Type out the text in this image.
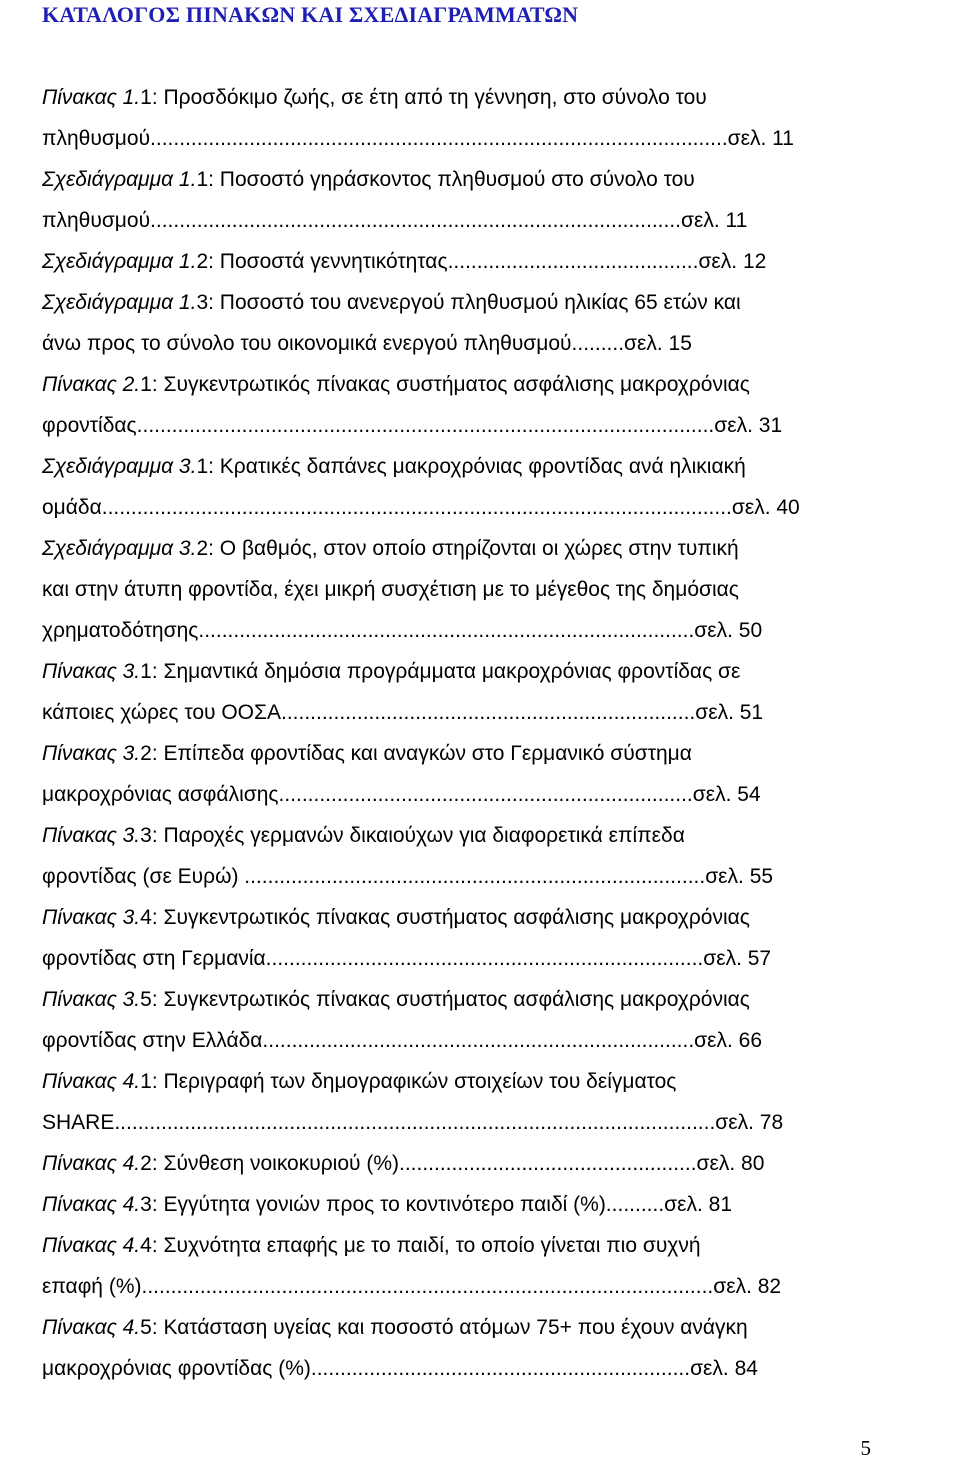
ΚΑΤΑΛΟΓΟΣ ΠΙΝΑΚΩΝ ΚΑΙ ΣΧΕΔΙΑΓΡΑΜΜΑΤΩΝ
Πίνακας 1.1: Προσδόκιμο ζωής, σε έτη από τη γέννηση, στο σύνολο του
πληθυσμού...................................................................................................σελ. 11
Σχεδιάγραμμα 1.1: Ποσοστό γηράσκοντος πληθυσμού στο σύνολο του
πληθυσμού...........................................................................................σελ. 11
Σχεδιάγραμμα 1.2: Ποσοστά γεννητικότητας...........................................σελ. 12
Σχεδιάγραμμα 1.3: Ποσοστό του ανενεργού πληθυσμού ηλικίας 65 ετών και
άνω προς το σύνολο του οικονομικά ενεργού πληθυσμού.........σελ. 15
Πίνακας 2.1: Συγκεντρωτικός πίνακας συστήματος ασφάλισης μακροχρόνιας
φροντίδας...................................................................................................σελ. 31
Σχεδιάγραμμα 3.1: Κρατικές δαπάνες μακροχρόνιας φροντίδας ανά ηλικιακή
ομάδα............................................................................................................σελ. 40
Σχεδιάγραμμα 3.2: Ο βαθμός, στον οποίο στηρίζονται οι χώρες στην τυπική
και στην άτυπη φροντίδα, έχει μικρή συσχέτιση με το μέγεθος της δημόσιας
χρηματοδότησης.....................................................................................σελ. 50
Πίνακας 3.1: Σημαντικά δημόσια προγράμματα μακροχρόνιας φροντίδας σε
κάποιες χώρες του ΟΟΣΑ.......................................................................σελ. 51
Πίνακας 3.2: Επίπεδα φροντίδας και αναγκών στο Γερμανικό σύστημα
μακροχρόνιας ασφάλισης.......................................................................σελ. 54
Πίνακας 3.3: Παροχές γερμανών δικαιούχων για διαφορετικά επίπεδα
φροντίδας (σε Ευρώ) ...............................................................................σελ. 55
Πίνακας 3.4: Συγκεντρωτικός πίνακας συστήματος ασφάλισης μακροχρόνιας
φροντίδας στη Γερμανία...........................................................................σελ. 57
Πίνακας 3.5: Συγκεντρωτικός πίνακας συστήματος ασφάλισης μακροχρόνιας
φροντίδας στην Ελλάδα..........................................................................σελ. 66
Πίνακας 4.1: Περιγραφή των δημογραφικών στοιχείων του δείγματος
SHARE.......................................................................................................σελ. 78
Πίνακας 4.2: Σύνθεση νοικοκυριού (%)...................................................σελ. 80
Πίνακας 4.3: Εγγύτητα γονιών προς το κοντινότερο παιδί (%)..........σελ. 81
Πίνακας 4.4: Συχνότητα επαφής με το παιδί, το οποίο γίνεται πιο συχνή
επαφή (%)..................................................................................................σελ. 82
Πίνακας 4.5: Κατάσταση υγείας και ποσοστό ατόμων 75+ που έχουν ανάγκη
μακροχρόνιας φροντίδας (%).................................................................σελ. 84
5
